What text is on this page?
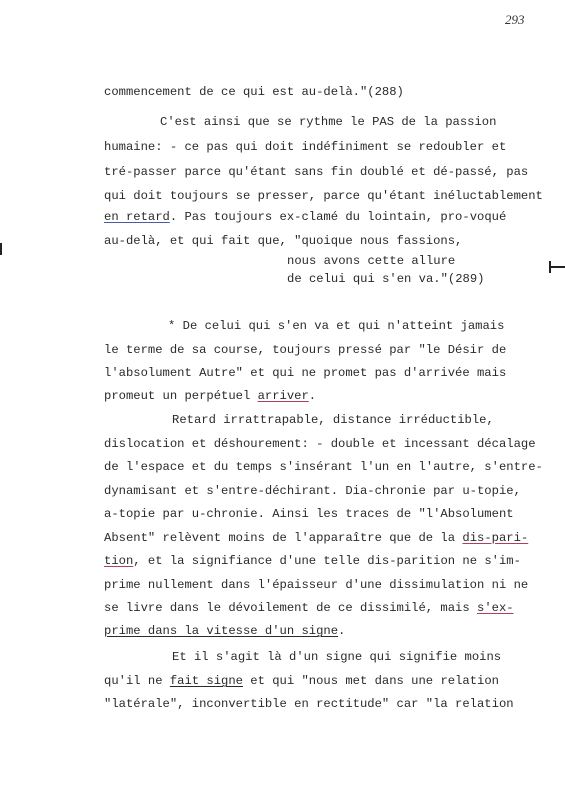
293
commencement de ce qui est au-delà."(288)
C'est ainsi que se rythme le PAS de la passion
humaine: - ce pas qui doit indéfiniment se redoubler et
tré-passer parce qu'étant sans fin doublé et dé-passé, pas
qui doit toujours se presser, parce qu'étant inéluctablement
en retard. Pas toujours ex-clamé du lointain, pro-voqué
au-delà, et qui fait que, "quoique nous fassions,
nous avons cette allure
de celui qui s'en va."(289)
* De celui qui s'en va et qui n'atteint jamais
le terme de sa course, toujours pressé par "le Désir de
l'absolument Autre" et qui ne promet pas d'arrivée mais
promeut un perpétuel arriver.
Retard irrattrapable, distance irréductible,
dislocation et déshourement: - double et incessant décalage
de l'espace et du temps s'insérant l'un en l'autre, s'entre-
dynamisant et s'entre-déchirant. Dia-chronie par u-topie,
a-topie par u-chronie. Ainsi les traces de "l'Absolument
Absent" relèvent moins de l'apparaître que de la dis-pari-
tion, et la signifiance d'une telle dis-parition ne s'im-
prime nullement dans l'épaisseur d'une dissimulation ni ne
se livre dans le dévoilement de ce dissimilé, mais s'ex-
prime dans la vitesse d'un signe.
Et il s'agit là d'un signe qui signifie moins
qu'il ne fait signe et qui "nous met dans une relation
"latérale", inconvertible en rectitude" car "la relation
